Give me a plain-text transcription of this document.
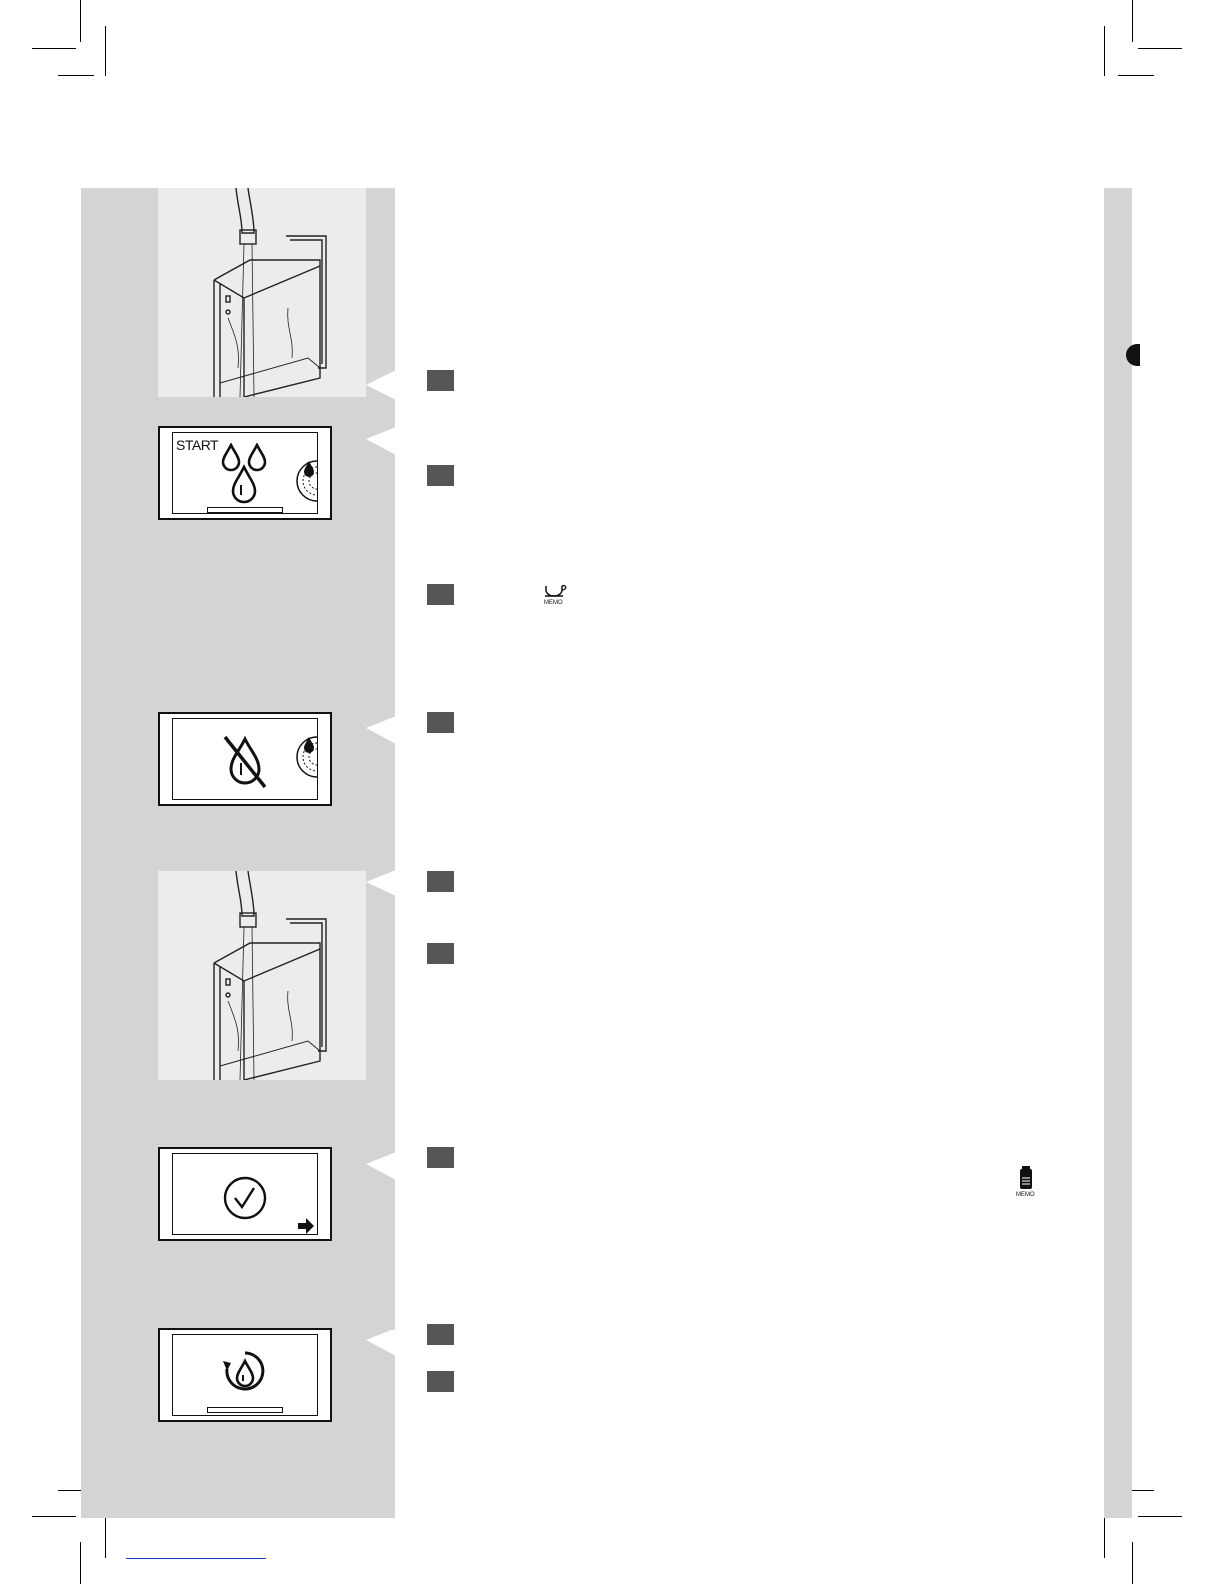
START
MEMO
MEMO
